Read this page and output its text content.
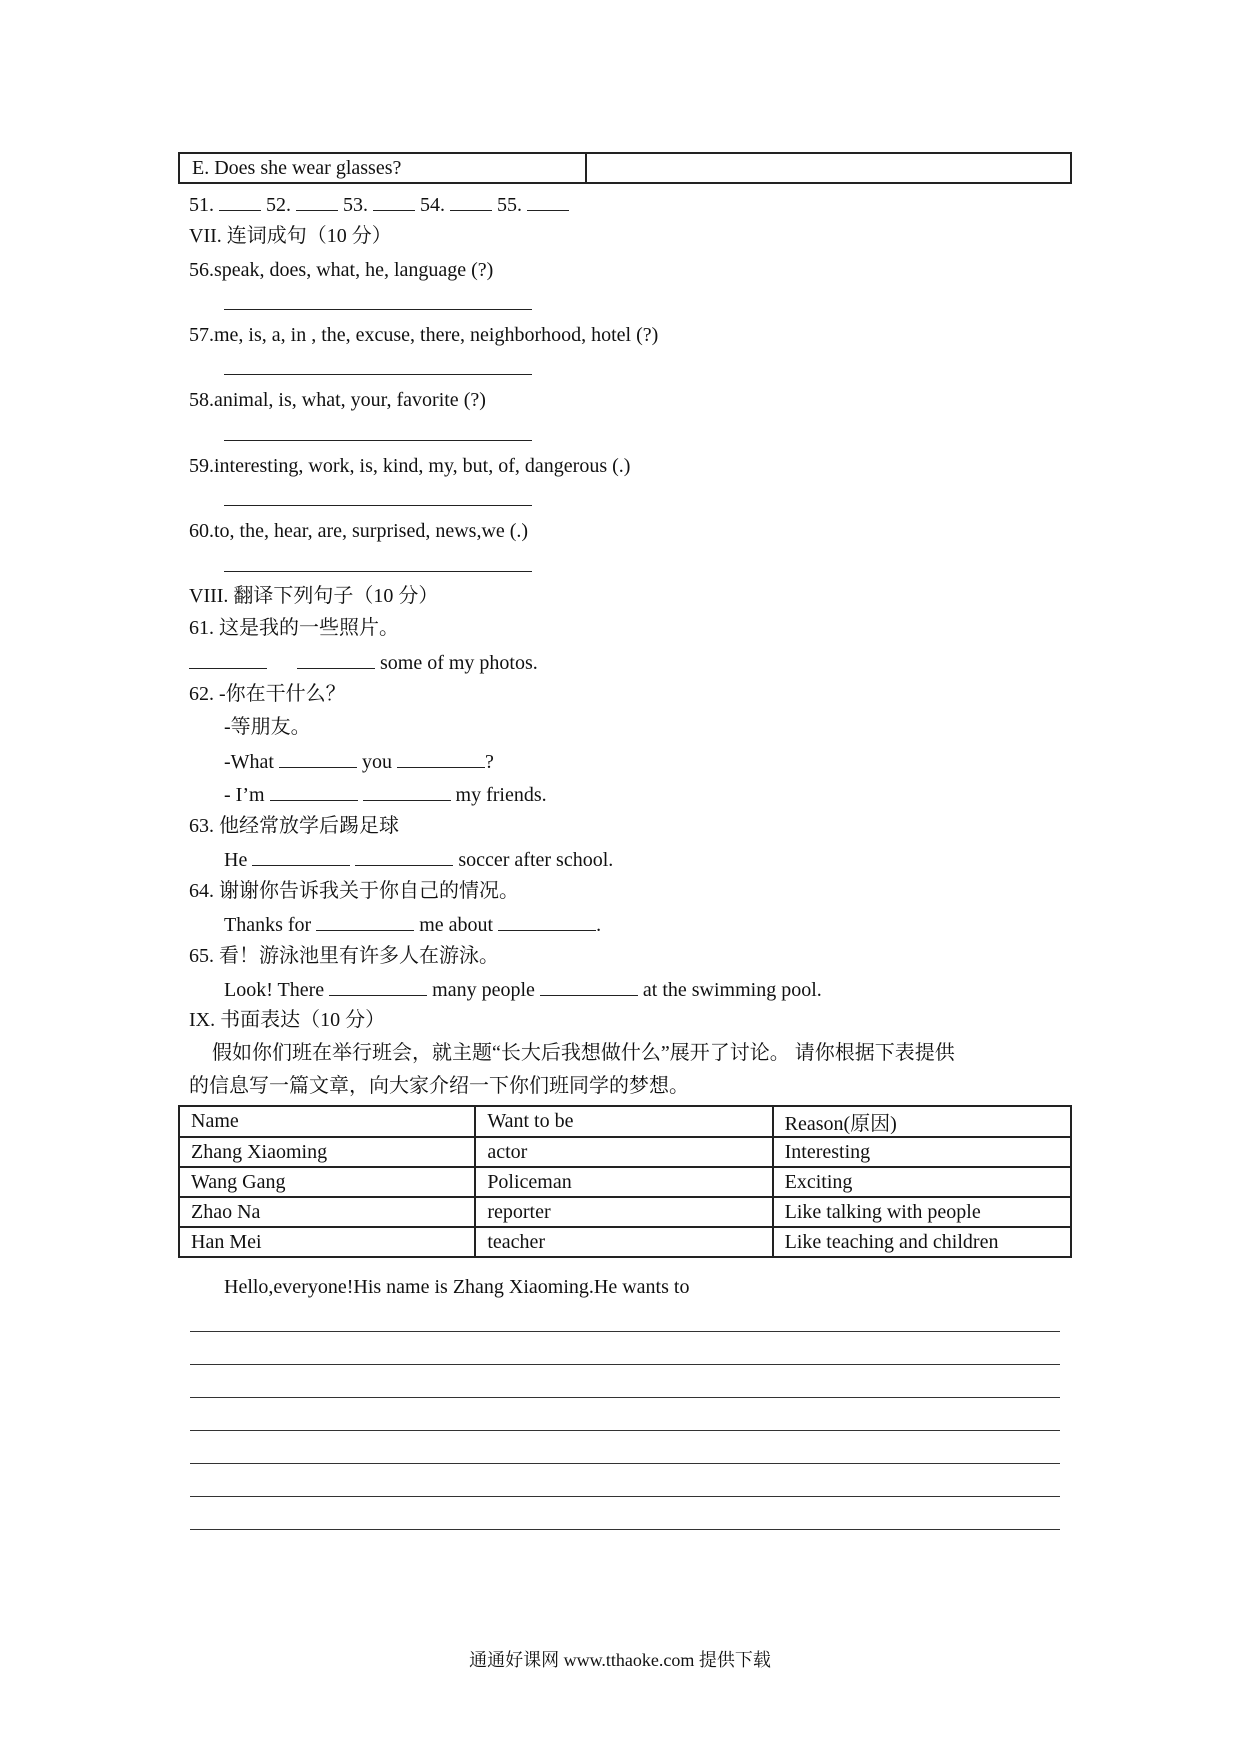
E. Does she wear glasses?
51.	52.	53.	54.	55.
VII. 连词成句（10 分）
56.speak, does, what, he, language (?)
57.me, is, a, in , the, excuse, there, neighborhood, hotel (?)
58.animal, is, what, your, favorite (?)
59.interesting, work, is, kind, my, but, of, dangerous (.)
60.to, the, hear, are, surprised, news,we (.)
VIII. 翻译下列句子（10 分）
61. 这是我的一些照片。
some of my photos.
62. -你在干什么？
-等朋友。
-What	you	?
- I’m	my friends.
63. 他经常放学后踢足球
He	soccer after school.
64. 谢谢你告诉我关于你自己的情况。
Thanks for	me about	.
65. 看！游泳池里有许多人在游泳。
Look! There	many people	at the swimming pool.
IX. 书面表达（10 分）
假如你们班在举行班会，就主题“长大后我想做什么”展开了讨论。 请你根据下表提供
的信息写一篇文章，向大家介绍一下你们班同学的梦想。
Name	Want to be	Reason(原因)
Zhang Xiaoming	actor	Interesting
Wang Gang	Policeman	Exciting
Zhao Na	reporter	Like talking with people
Han Mei	teacher	Like teaching and children
Hello,everyone!His name is Zhang Xiaoming.He wants to
通通好课网 www.tthaoke.com 提供下载
